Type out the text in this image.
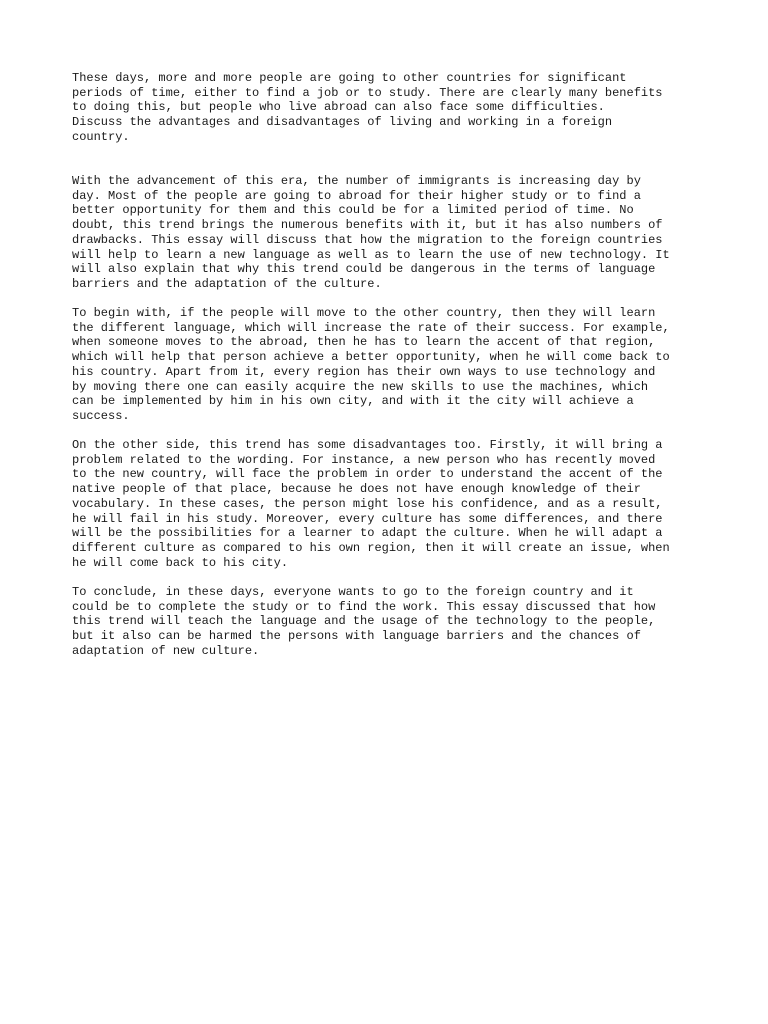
These days, more and more people are going to other countries for significant
periods of time, either to find a job or to study. There are clearly many benefits
to doing this, but people who live abroad can also face some difficulties.
Discuss the advantages and disadvantages of living and working in a foreign
country.

With the advancement of this era, the number of immigrants is increasing day by
day. Most of the people are going to abroad for their higher study or to find a
better opportunity for them and this could be for a limited period of time. No
doubt, this trend brings the numerous benefits with it, but it has also numbers of
drawbacks. This essay will discuss that how the migration to the foreign countries
will help to learn a new language as well as to learn the use of new technology. It
will also explain that why this trend could be dangerous in the terms of language
barriers and the adaptation of the culture.

To begin with, if the people will move to the other country, then they will learn
the different language, which will increase the rate of their success. For example,
when someone moves to the abroad, then he has to learn the accent of that region,
which will help that person achieve a better opportunity, when he will come back to
his country. Apart from it, every region has their own ways to use technology and
by moving there one can easily acquire the new skills to use the machines, which
can be implemented by him in his own city, and with it the city will achieve a
success.

On the other side, this trend has some disadvantages too. Firstly, it will bring a
problem related to the wording. For instance, a new person who has recently moved
to the new country, will face the problem in order to understand the accent of the
native people of that place, because he does not have enough knowledge of their
vocabulary. In these cases, the person might lose his confidence, and as a result,
he will fail in his study. Moreover, every culture has some differences, and there
will be the possibilities for a learner to adapt the culture. When he will adapt a
different culture as compared to his own region, then it will create an issue, when
he will come back to his city.

To conclude, in these days, everyone wants to go to the foreign country and it
could be to complete the study or to find the work. This essay discussed that how
this trend will teach the language and the usage of the technology to the people,
but it also can be harmed the persons with language barriers and the chances of
adaptation of new culture.
